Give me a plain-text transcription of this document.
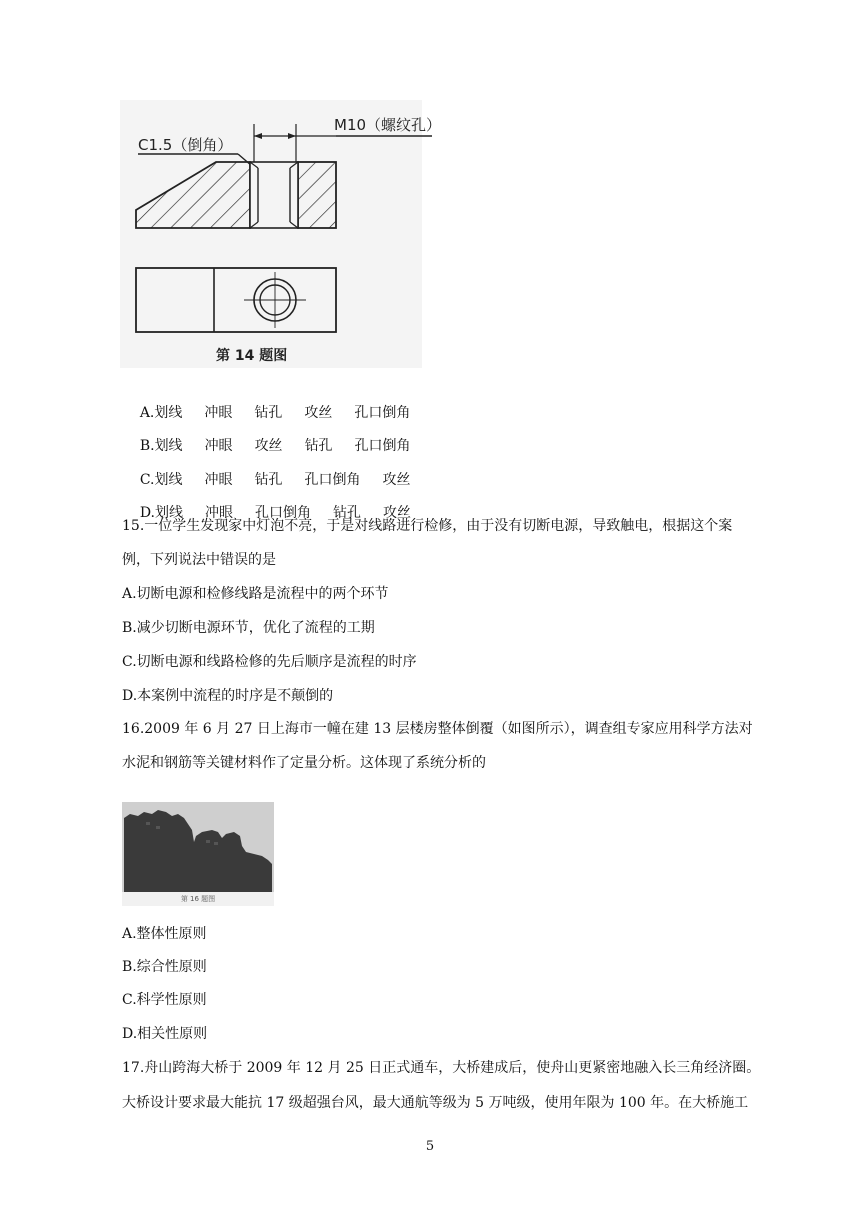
C1.5（倒角）
M10（螺纹孔）
第 14 题图

A.划线 冲眼 钻孔 攻丝 孔口倒角

B.划线 冲眼 攻丝 钻孔 孔口倒角

C.划线 冲眼 钻孔 孔口倒角 攻丝

D.划线 冲眼 孔口倒角 钻孔 攻丝

15.一位学生发现家中灯泡不亮，于是对线路进行检修，由于没有切断电源，导致触电，根据这个案
例，下列说法中错误的是
A.切断电源和检修线路是流程中的两个环节
B.减少切断电源环节，优化了流程的工期
C.切断电源和线路检修的先后顺序是流程的时序
D.本案例中流程的时序是不颠倒的
16.2009 年 6 月 27 日上海市一幢在建 13 层楼房整体倒覆（如图所示），调查组专家应用科学方法对
水泥和钢筋等关键材料作了定量分析。这体现了系统分析的
第 16 题图
A.整体性原则
B.综合性原则
C.科学性原则
D.相关性原则
17.舟山跨海大桥于 2009 年 12 月 25 日正式通车，大桥建成后，使舟山更紧密地融入长三角经济圈。
大桥设计要求最大能抗 17 级超强台风，最大通航等级为 5 万吨级，使用年限为 100 年。在大桥施工
5
